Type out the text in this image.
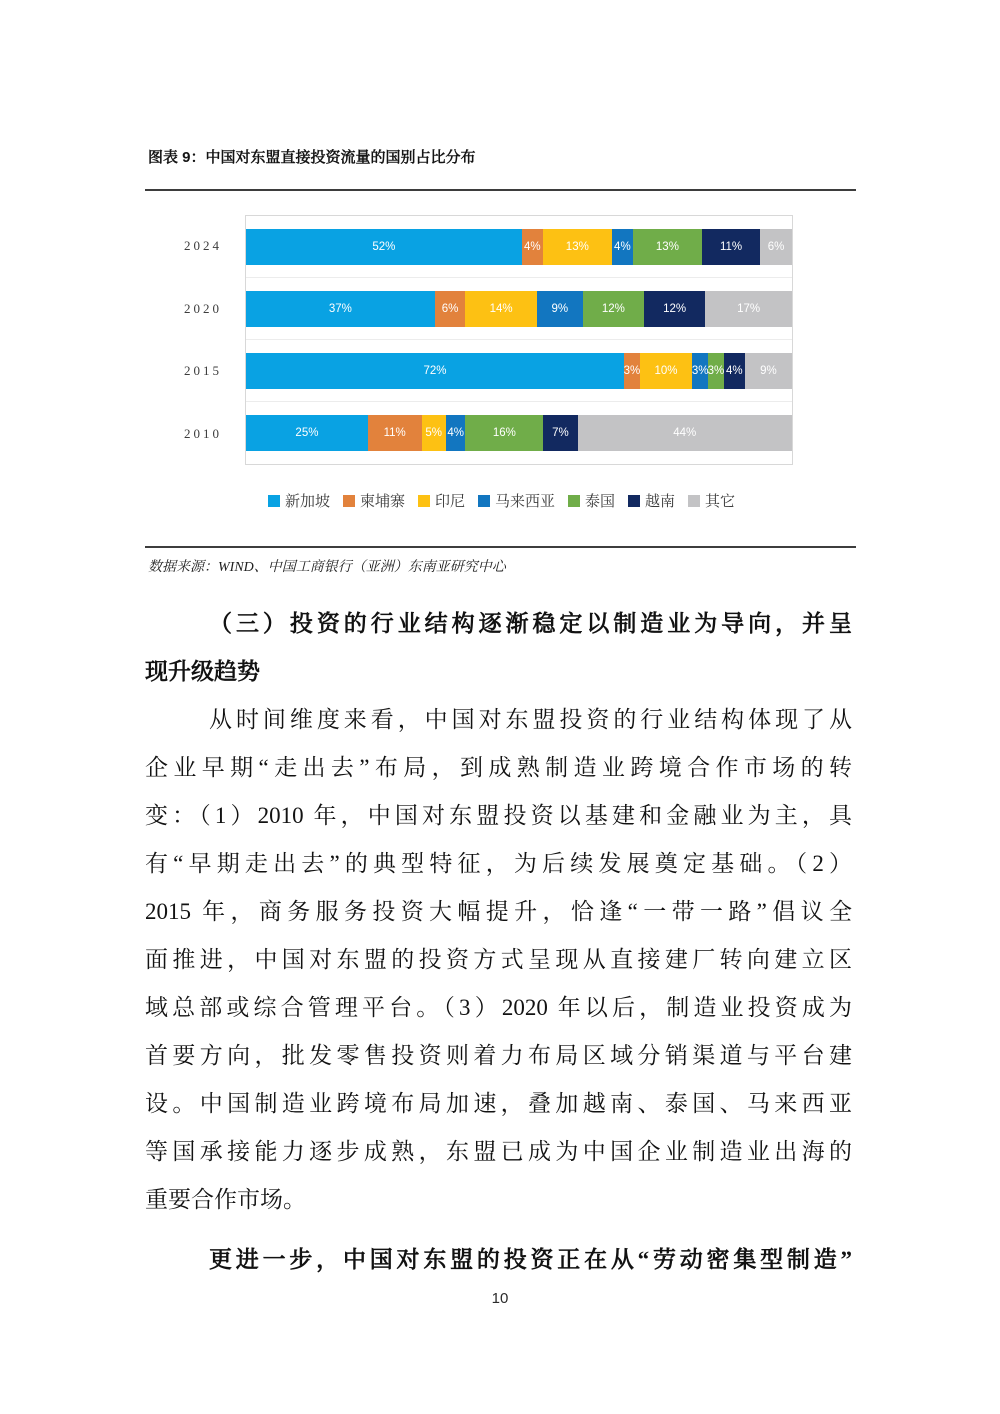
图表 9：中国对东盟直接投资流量的国别占比分布
2024
2020
2015
2010
52%	4%	13%	4%	13%	11%	6%
37%	6%	14%	9%	12%	12%	17%
72%	3%	10%	3% 3% 4%	9%
25%	11%	5% 4%	16%	7%	44%
新加坡 柬埔寨 印尼 马来西亚 泰国 越南 其它
数据来源：WIND、中国工商银行（亚洲）东南亚研究中心
（三）投资的行业结构逐渐稳定以制造业为导向，并呈
现升级趋势
从时间维度来看，中国对东盟投资的行业结构体现了从
企业早期“走出去”布局，到成熟制造业跨境合作市场的转
变：（1）2010 年，中国对东盟投资以基建和金融业为主，具
有“早期走出去”的典型特征，为后续发展奠定基础。（2）
2015 年，商务服务投资大幅提升，恰逢“一带一路”倡议全
面推进，中国对东盟的投资方式呈现从直接建厂转向建立区
域总部或综合管理平台。（3）2020 年以后，制造业投资成为
首要方向，批发零售投资则着力布局区域分销渠道与平台建
设。中国制造业跨境布局加速，叠加越南、泰国、马来西亚
等国承接能力逐步成熟，东盟已成为中国企业制造业出海的
重要合作市场。
更进一步，中国对东盟的投资正在从“劳动密集型制造”
10
